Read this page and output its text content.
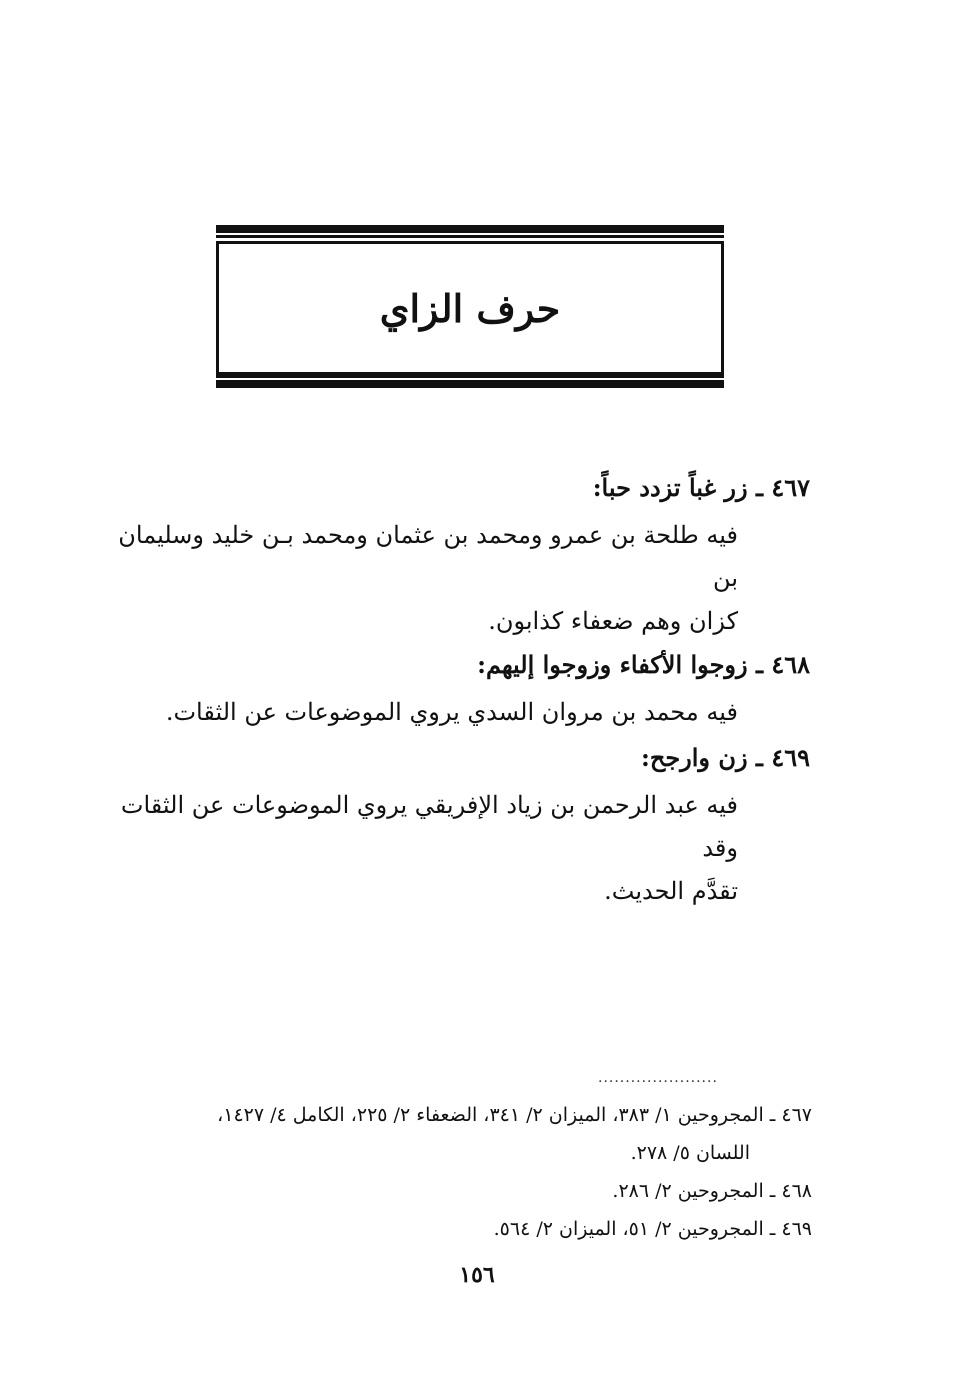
حرف الزاي
٤٦٧ ـ زر غباً تزدد حباً:
فيه طلحة بن عمرو ومحمد بن عثمان ومحمد بـن خليد وسليمان بن
كزان وهم ضعفاء كذابون.
٤٦٨ ـ زوجوا الأكفاء وزوجوا إليهم:
فيه محمد بن مروان السدي يروي الموضوعات عن الثقات.
٤٦٩ ـ زن وارجح:
فيه عبد الرحمن بن زياد الإفريقي يروي الموضوعات عن الثقات وقد
تقدَّم الحديث.
......................
٤٦٧ ـ المجروحين ١/ ٣٨٣، الميزان ٢/ ٣٤١، الضعفاء ٢/ ٢٢٥، الكامل ٤/ ١٤٢٧،
اللسان ٥/ ٢٧٨.
٤٦٨ ـ المجروحين ٢/ ٢٨٦.
٤٦٩ ـ المجروحين ٢/ ٥١، الميزان ٢/ ٥٦٤.
١٥٦
